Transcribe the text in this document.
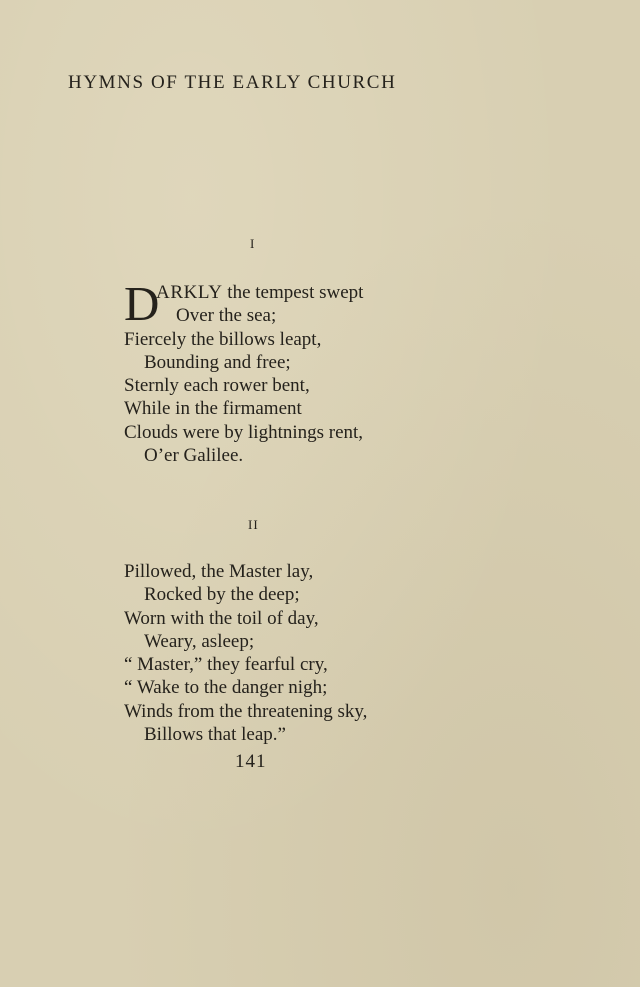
HYMNS OF THE EARLY CHURCH
I
D
ARKLY the tempest swept
Over the sea;
Fiercely the billows leapt,
Bounding and free;
Sternly each rower bent,
While in the firmament
Clouds were by lightnings rent,
O’er Galilee.
II
Pillowed, the Master lay,
Rocked by the deep;
Worn with the toil of day,
Weary, asleep;
“ Master,” they fearful cry,
“ Wake to the danger nigh;
Winds from the threatening sky,
Billows that leap.”
141
